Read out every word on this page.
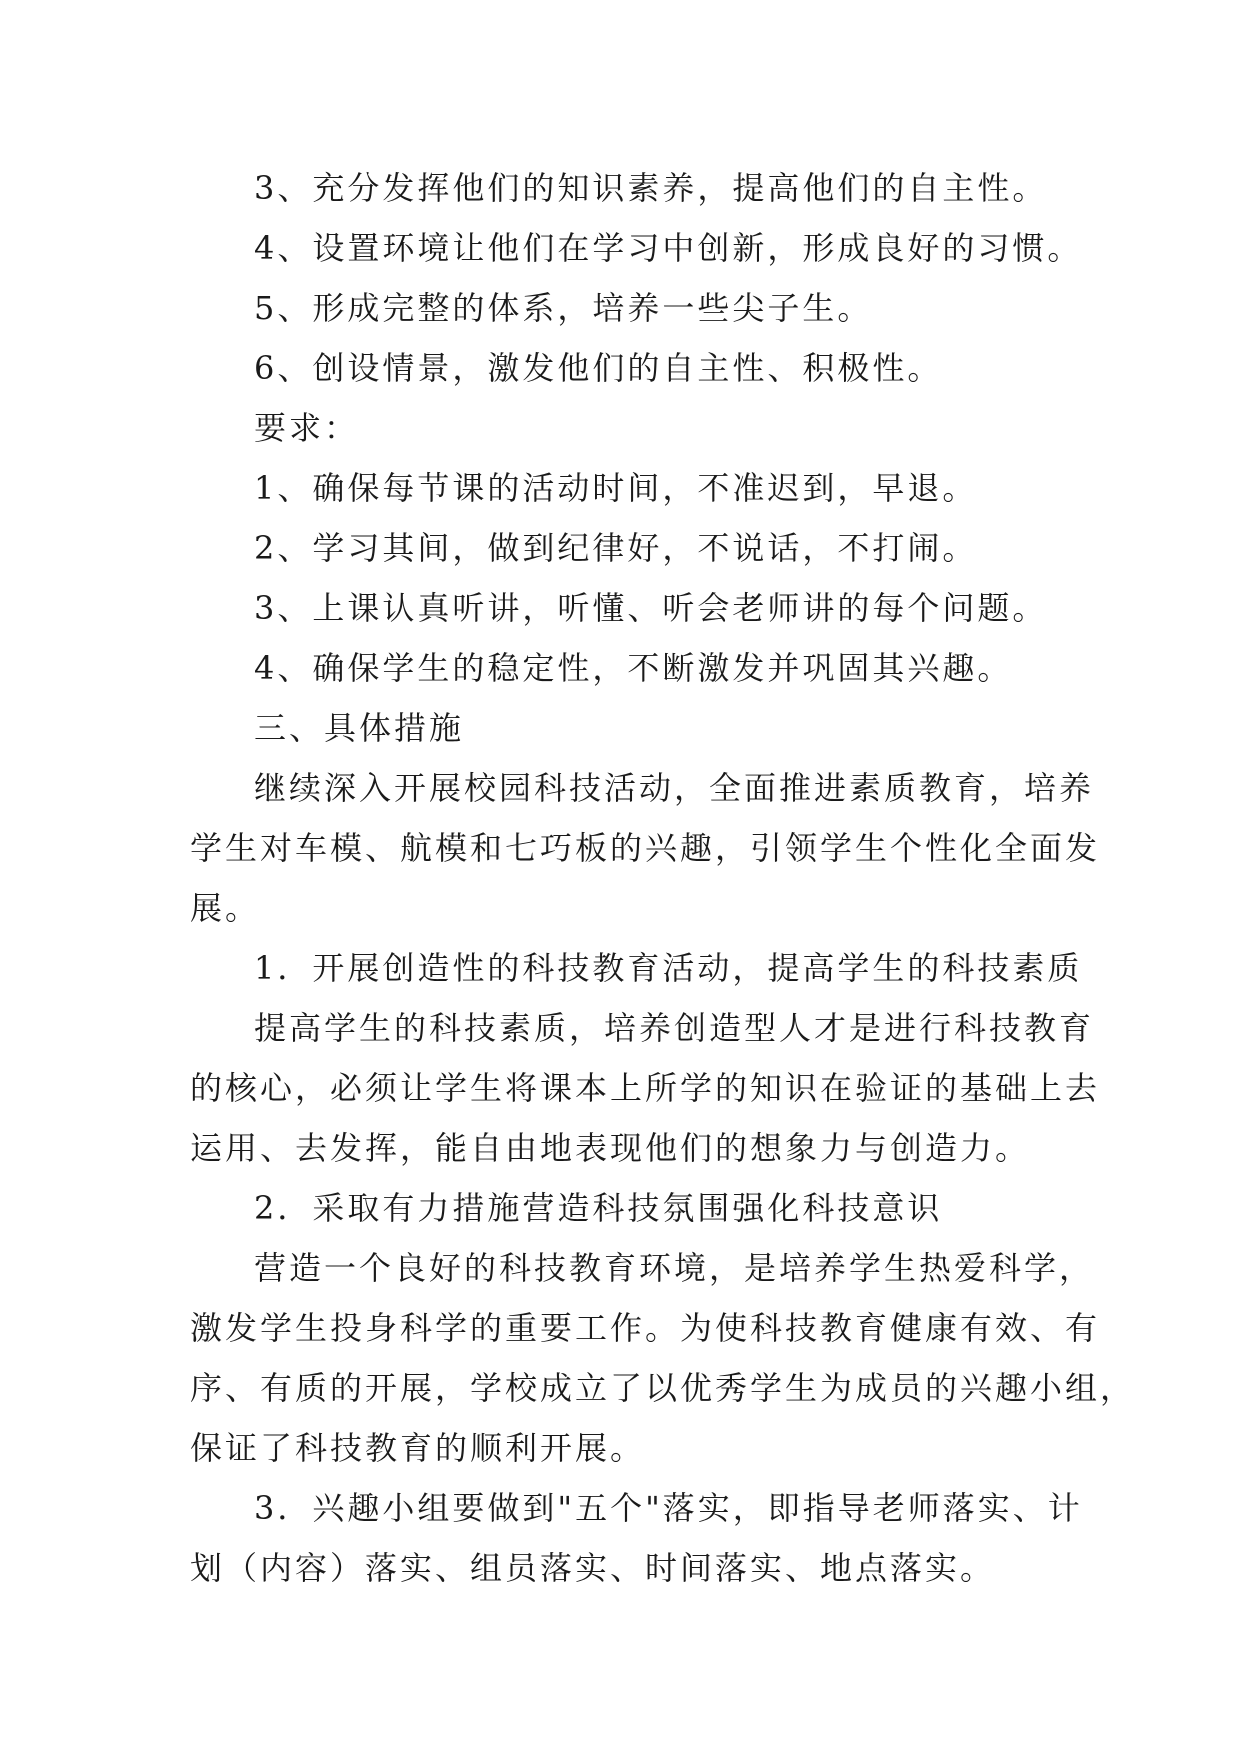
3、充分发挥他们的知识素养，提高他们的自主性。
4、设置环境让他们在学习中创新，形成良好的习惯。
5、形成完整的体系，培养一些尖子生。
6、创设情景，激发他们的自主性、积极性。
要求：
1、确保每节课的活动时间，不准迟到，早退。
2、学习其间，做到纪律好，不说话，不打闹。
3、上课认真听讲，听懂、听会老师讲的每个问题。
4、确保学生的稳定性，不断激发并巩固其兴趣。
三、具体措施
继续深入开展校园科技活动，全面推进素质教育，培养
学生对车模、航模和七巧板的兴趣，引领学生个性化全面发
展。
1．开展创造性的科技教育活动，提高学生的科技素质
提高学生的科技素质，培养创造型人才是进行科技教育
的核心，必须让学生将课本上所学的知识在验证的基础上去
运用、去发挥，能自由地表现他们的想象力与创造力。
2．采取有力措施营造科技氛围强化科技意识
营造一个良好的科技教育环境，是培养学生热爱科学，
激发学生投身科学的重要工作。为使科技教育健康有效、有
序、有质的开展，学校成立了以优秀学生为成员的兴趣小组，
保证了科技教育的顺利开展。
3．兴趣小组要做到"五个"落实，即指导老师落实、计
划（内容）落实、组员落实、时间落实、地点落实。
